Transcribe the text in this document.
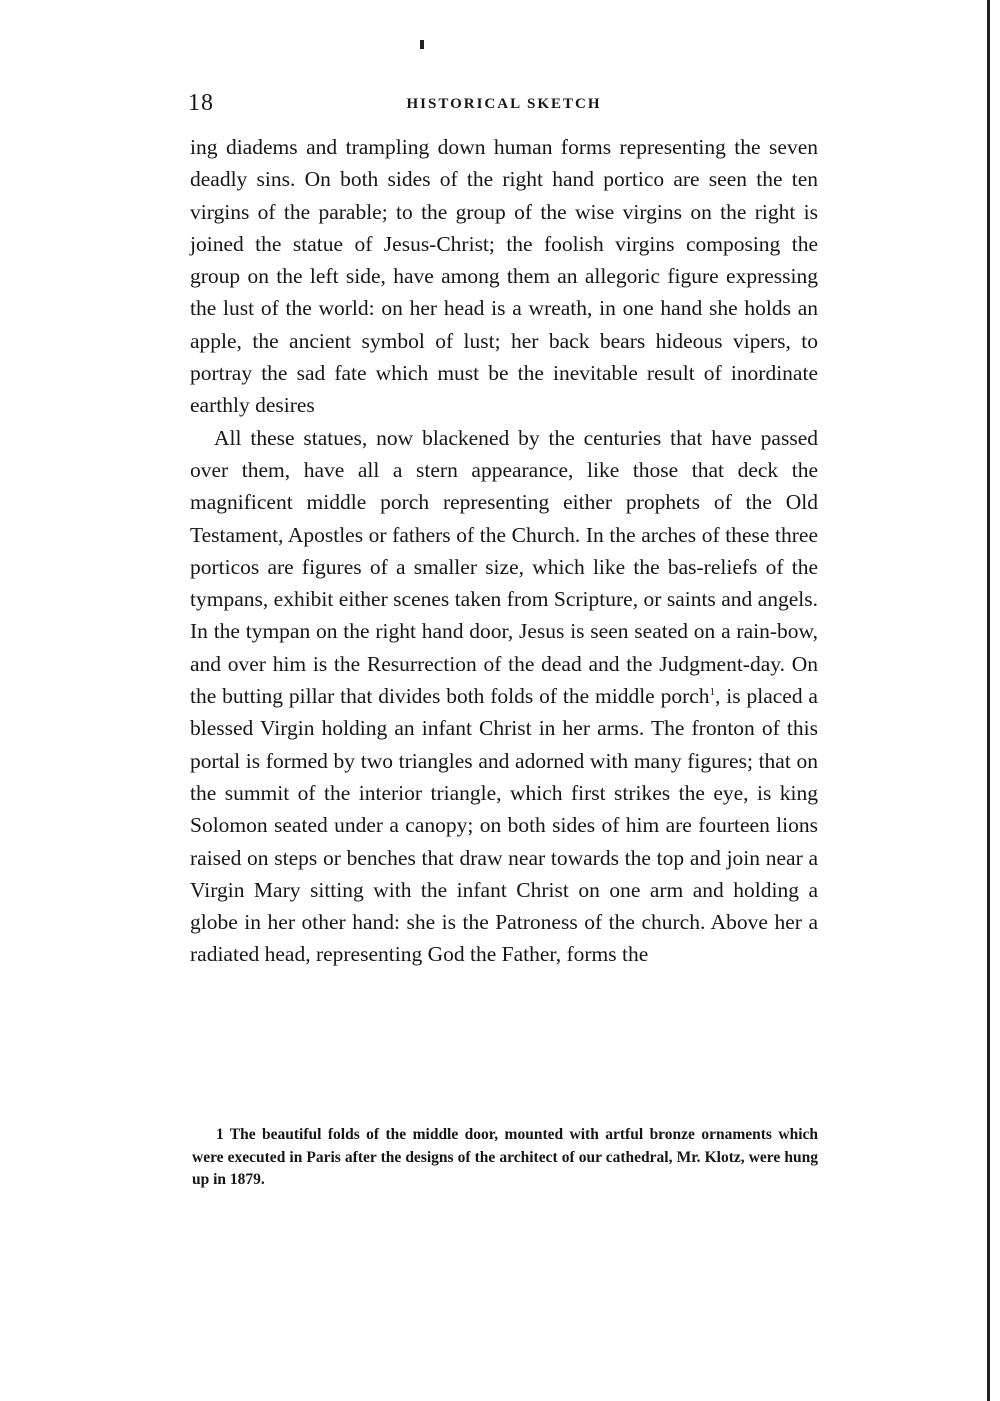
18	HISTORICAL SKETCH

ing diadems and trampling down human forms representing the seven deadly sins. On both sides of the right hand portico are seen the ten virgins of the parable; to the group of the wise virgins on the right is joined the statue of Jesus-Christ; the foolish virgins composing the group on the left side, have among them an allegoric figure expressing the lust of the world: on her head is a wreath, in one hand she holds an apple, the ancient symbol of lust; her back bears hideous vipers, to portray the sad fate which must be the inevitable result of inordinate earthly desires

All these statues, now blackened by the centuries that have passed over them, have all a stern appearance, like those that deck the magnificent middle porch representing either prophets of the Old Testament, Apostles or fathers of the Church. In the arches of these three porticos are figures of a smaller size, which like the bas-reliefs of the tympans, exhibit either scenes taken from Scripture, or saints and angels. In the tympan on the right hand door, Jesus is seen seated on a rain-bow, and over him is the Resurrection of the dead and the Judgment-day. On the butting pillar that divides both folds of the middle porch$^1$, is placed a blessed Virgin holding an infant Christ in her arms. The fronton of this portal is formed by two triangles and adorned with many figures; that on the summit of the interior triangle, which first strikes the eye, is king Solomon seated under a canopy; on both sides of him are fourteen lions raised on steps or benches that draw near towards the top and join near a Virgin Mary sitting with the infant Christ on one arm and holding a globe in her other hand: she is the Patroness of the church. Above her a radiated head, representing God the Father, forms the

1 The beautiful folds of the middle door, mounted with artful bronze ornaments which were executed in Paris after the designs of the architect of our cathedral, Mr. Klotz, were hung up in 1879.
